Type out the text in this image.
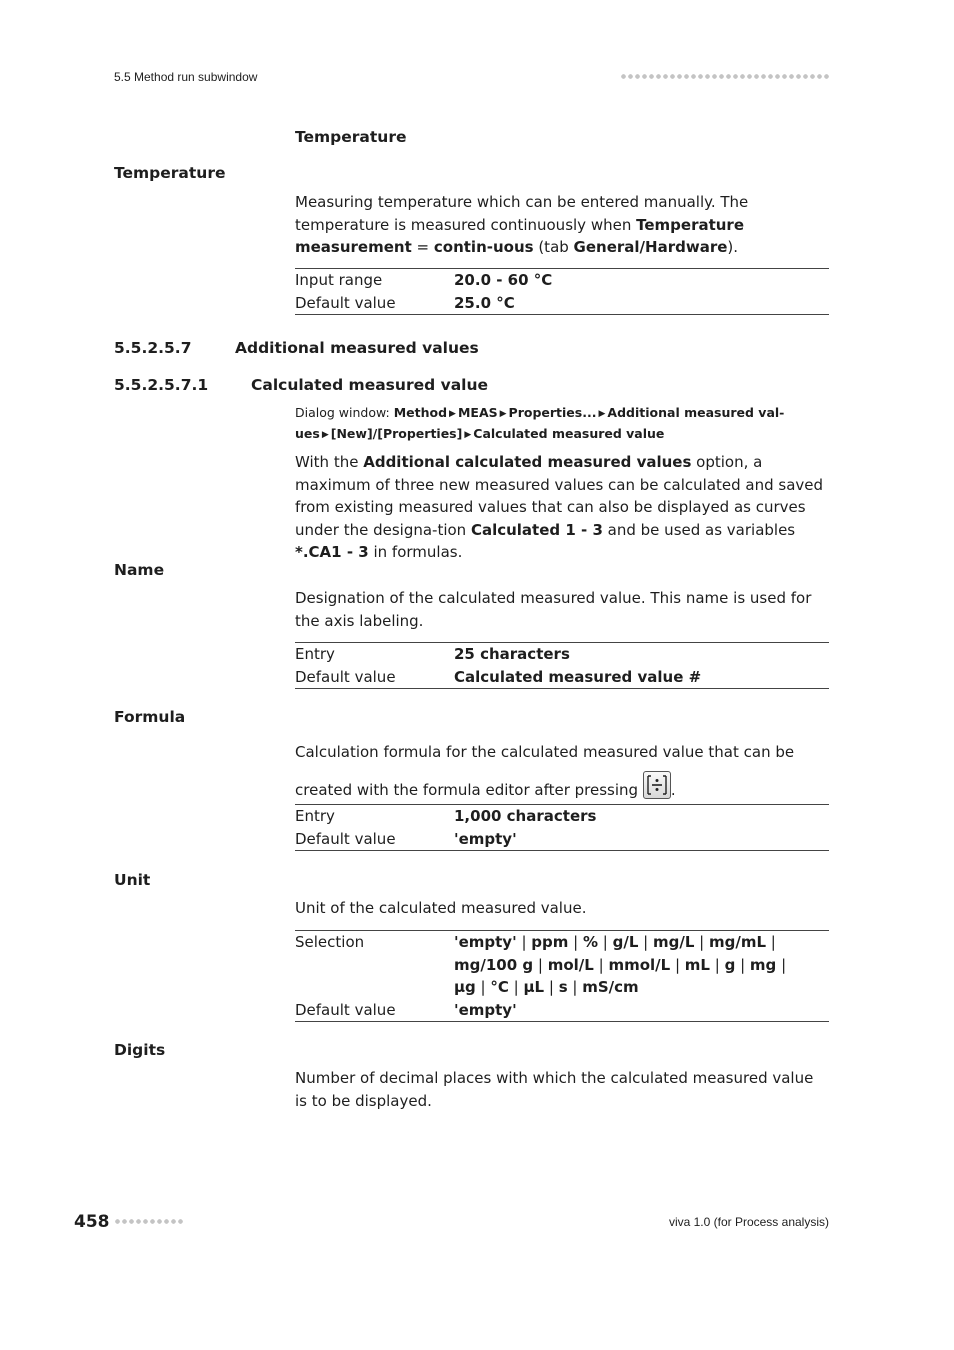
5.5 Method run subwindow
Temperature
Temperature
Measuring temperature which can be entered manually. The temperature is measured continuously when Temperature measurement = contin-uous (tab General/Hardware).
Input range	20.0 - 60 °C
Default value	25.0 °C
5.5.2.5.7	Additional measured values
5.5.2.5.7.1	Calculated measured value
Dialog window: Method ▶ MEAS ▶ Properties... ▶ Additional measured val-ues ▶ [New]/[Properties] ▶ Calculated measured value
With the Additional calculated measured values option, a maximum of three new measured values can be calculated and saved from existing measured values that can also be displayed as curves under the designa-tion Calculated 1 - 3 and be used as variables *.CA1 - 3 in formulas.
Name
Designation of the calculated measured value. This name is used for the axis labeling.
Entry	25 characters
Default value	Calculated measured value #
Formula
Calculation formula for the calculated measured value that can be created with the formula editor after pressing
.
Entry	1,000 characters
Default value	'empty'
Unit
Unit of the calculated measured value.
Selection	'empty' | ppm | % | g/L | mg/L | mg/mL | mg/100 g | mol/L | mmol/L | mL | g | mg | µg | °C | µL | s | mS/cm
Default value	'empty'
Digits
Number of decimal places with which the calculated measured value is to be displayed.
458	viva 1.0 (for Process analysis)
